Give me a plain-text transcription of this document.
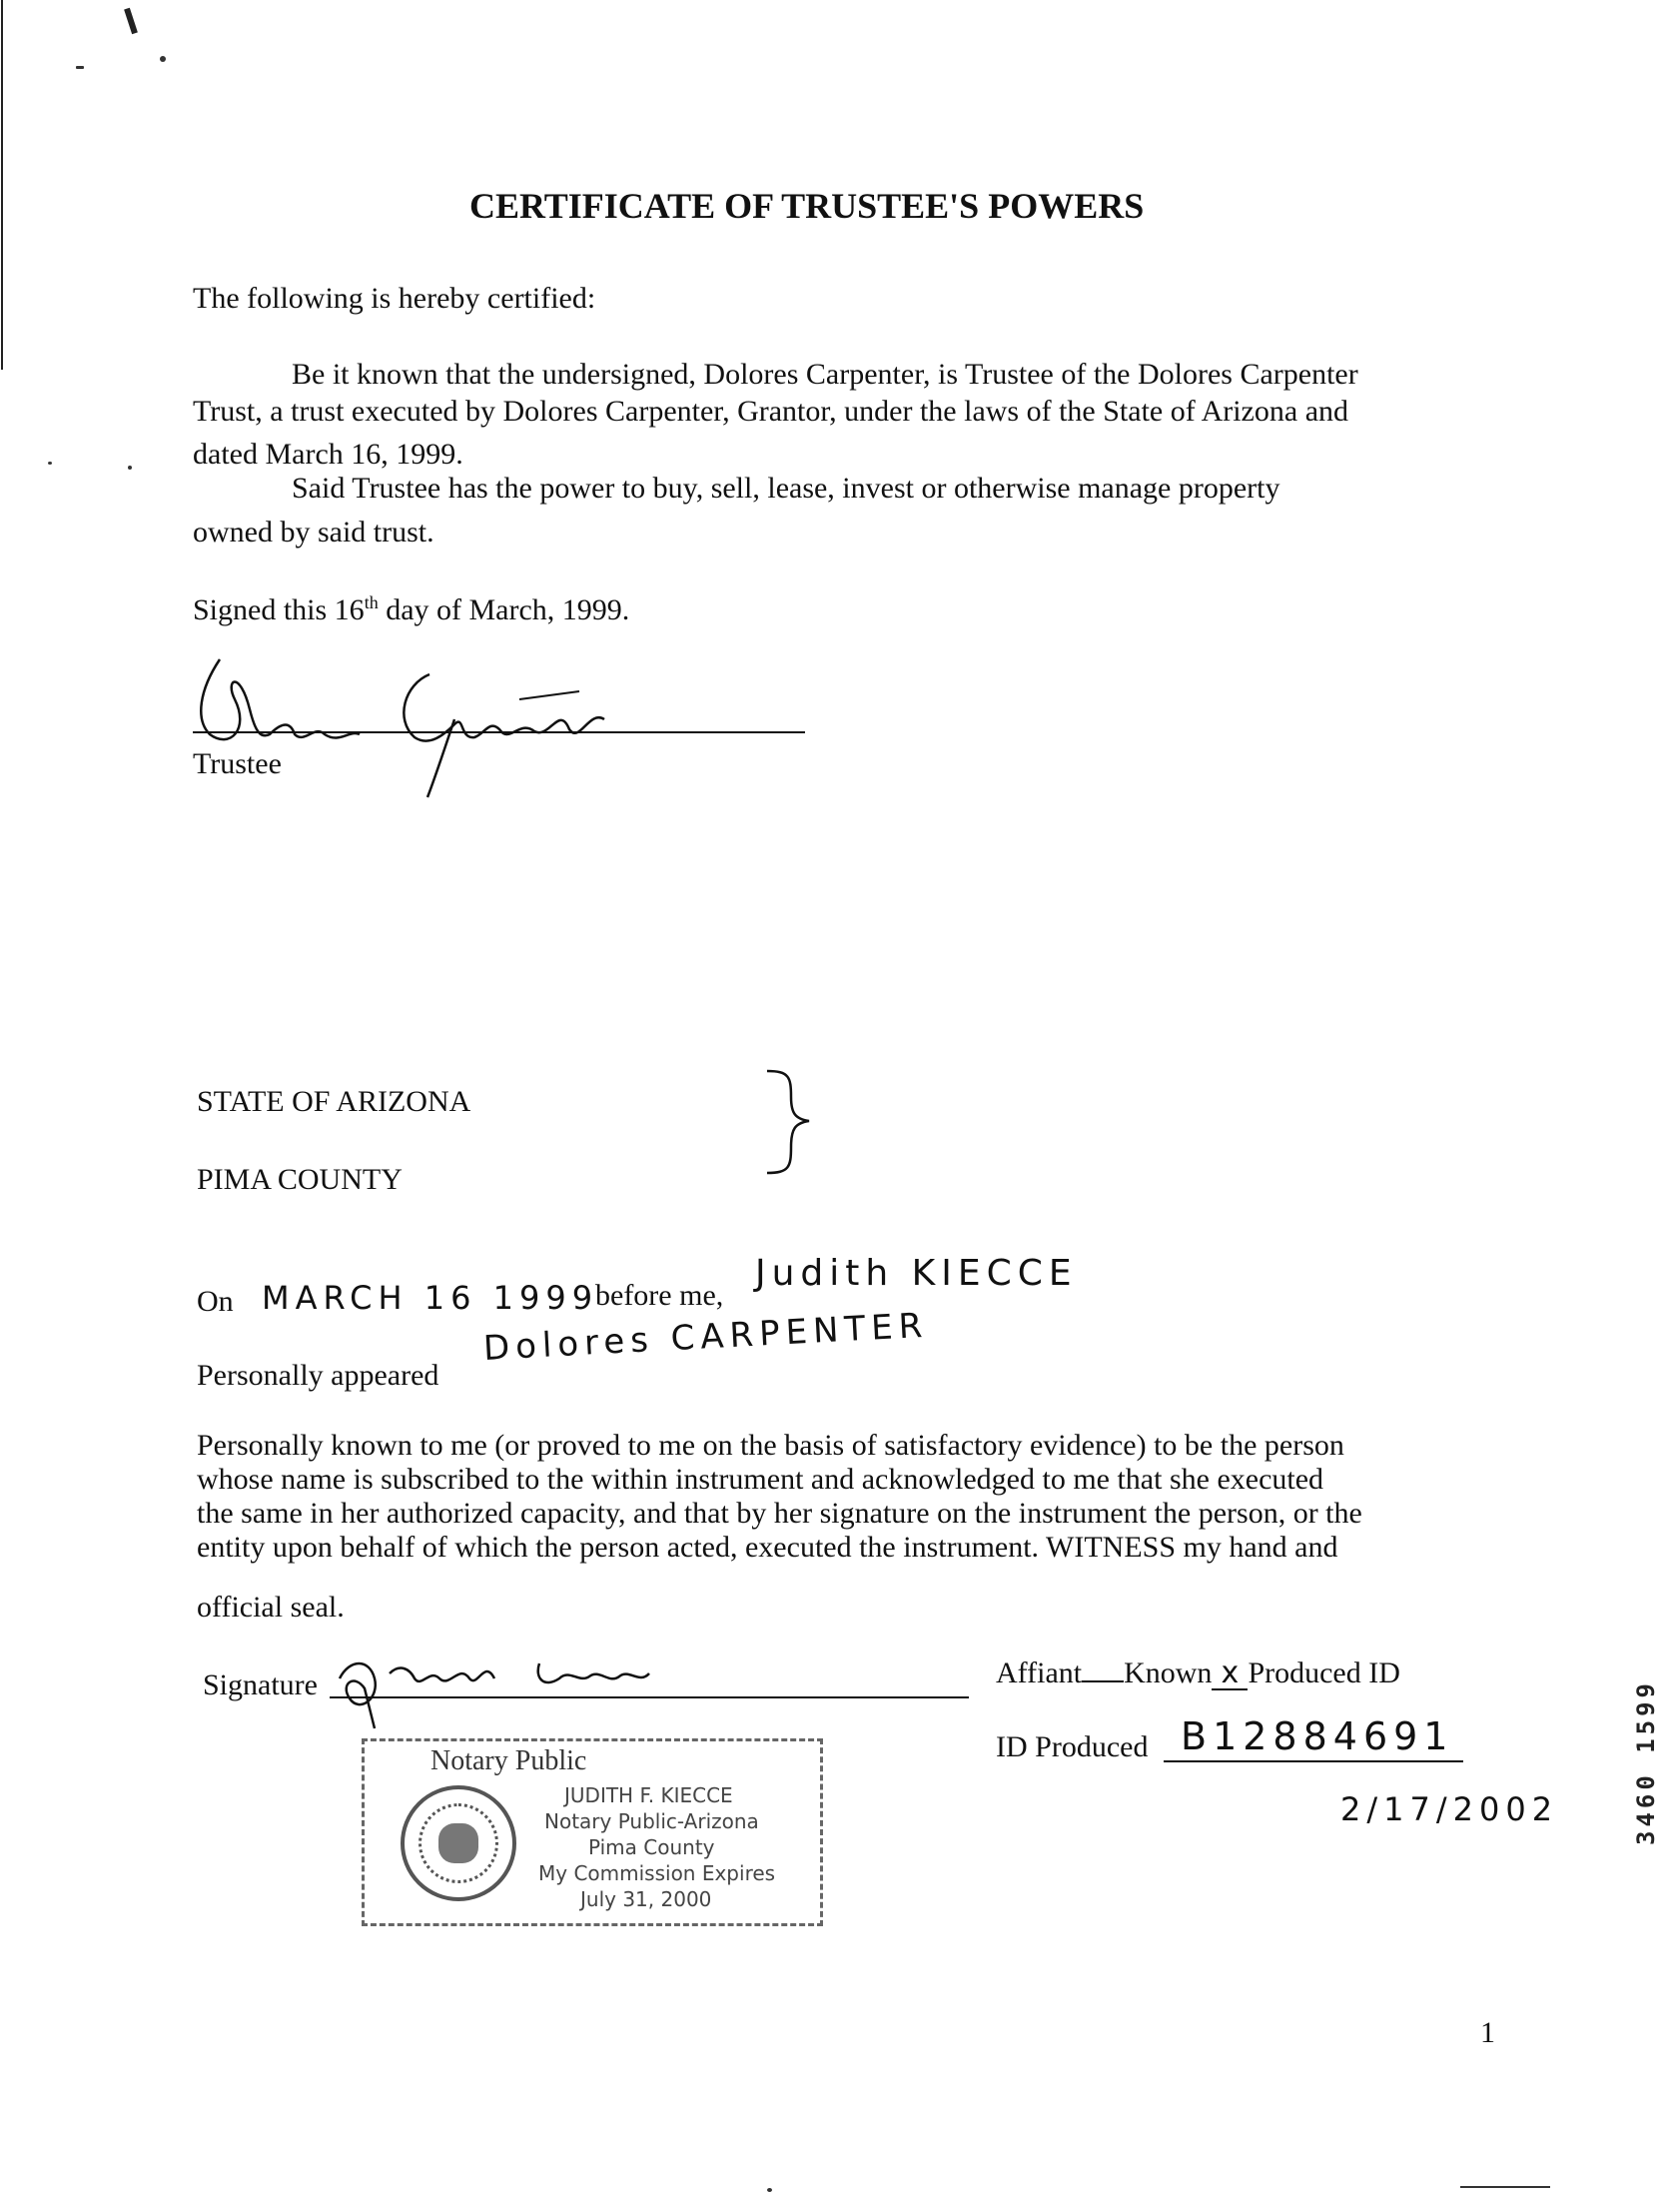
CERTIFICATE OF TRUSTEE'S POWERS
The following is hereby certified:
Be it known that the undersigned, Dolores Carpenter, is Trustee of the Dolores Carpenter
Trust, a trust executed by Dolores Carpenter, Grantor, under the laws of the State of Arizona and
dated March 16, 1999.
Said Trustee has the power to buy, sell, lease, invest or otherwise manage property
owned by said trust.
Signed this 16th day of March, 1999.
Trustee
STATE OF ARIZONA
PIMA COUNTY
On MARCH 16 1999
before me,
Judith KIECCE
Personally appeared
Dolores CARPENTER
Personally known to me (or proved to me on the basis of satisfactory evidence) to be the person
whose name is subscribed to the within instrument and acknowledged to me that she executed
the same in her authorized capacity, and that by her signature on the instrument the person, or the
entity upon behalf of which the person acted, executed the instrument. WITNESS my hand and
official seal.
Signature	Affiant Known x Produced ID
ID Produced B12884691
2/17/2002
Notary Public
JUDITH F. KIECCE
Notary Public-Arizona
Pima County
My Commission Expires
July 31, 2000
1
3460 1599
